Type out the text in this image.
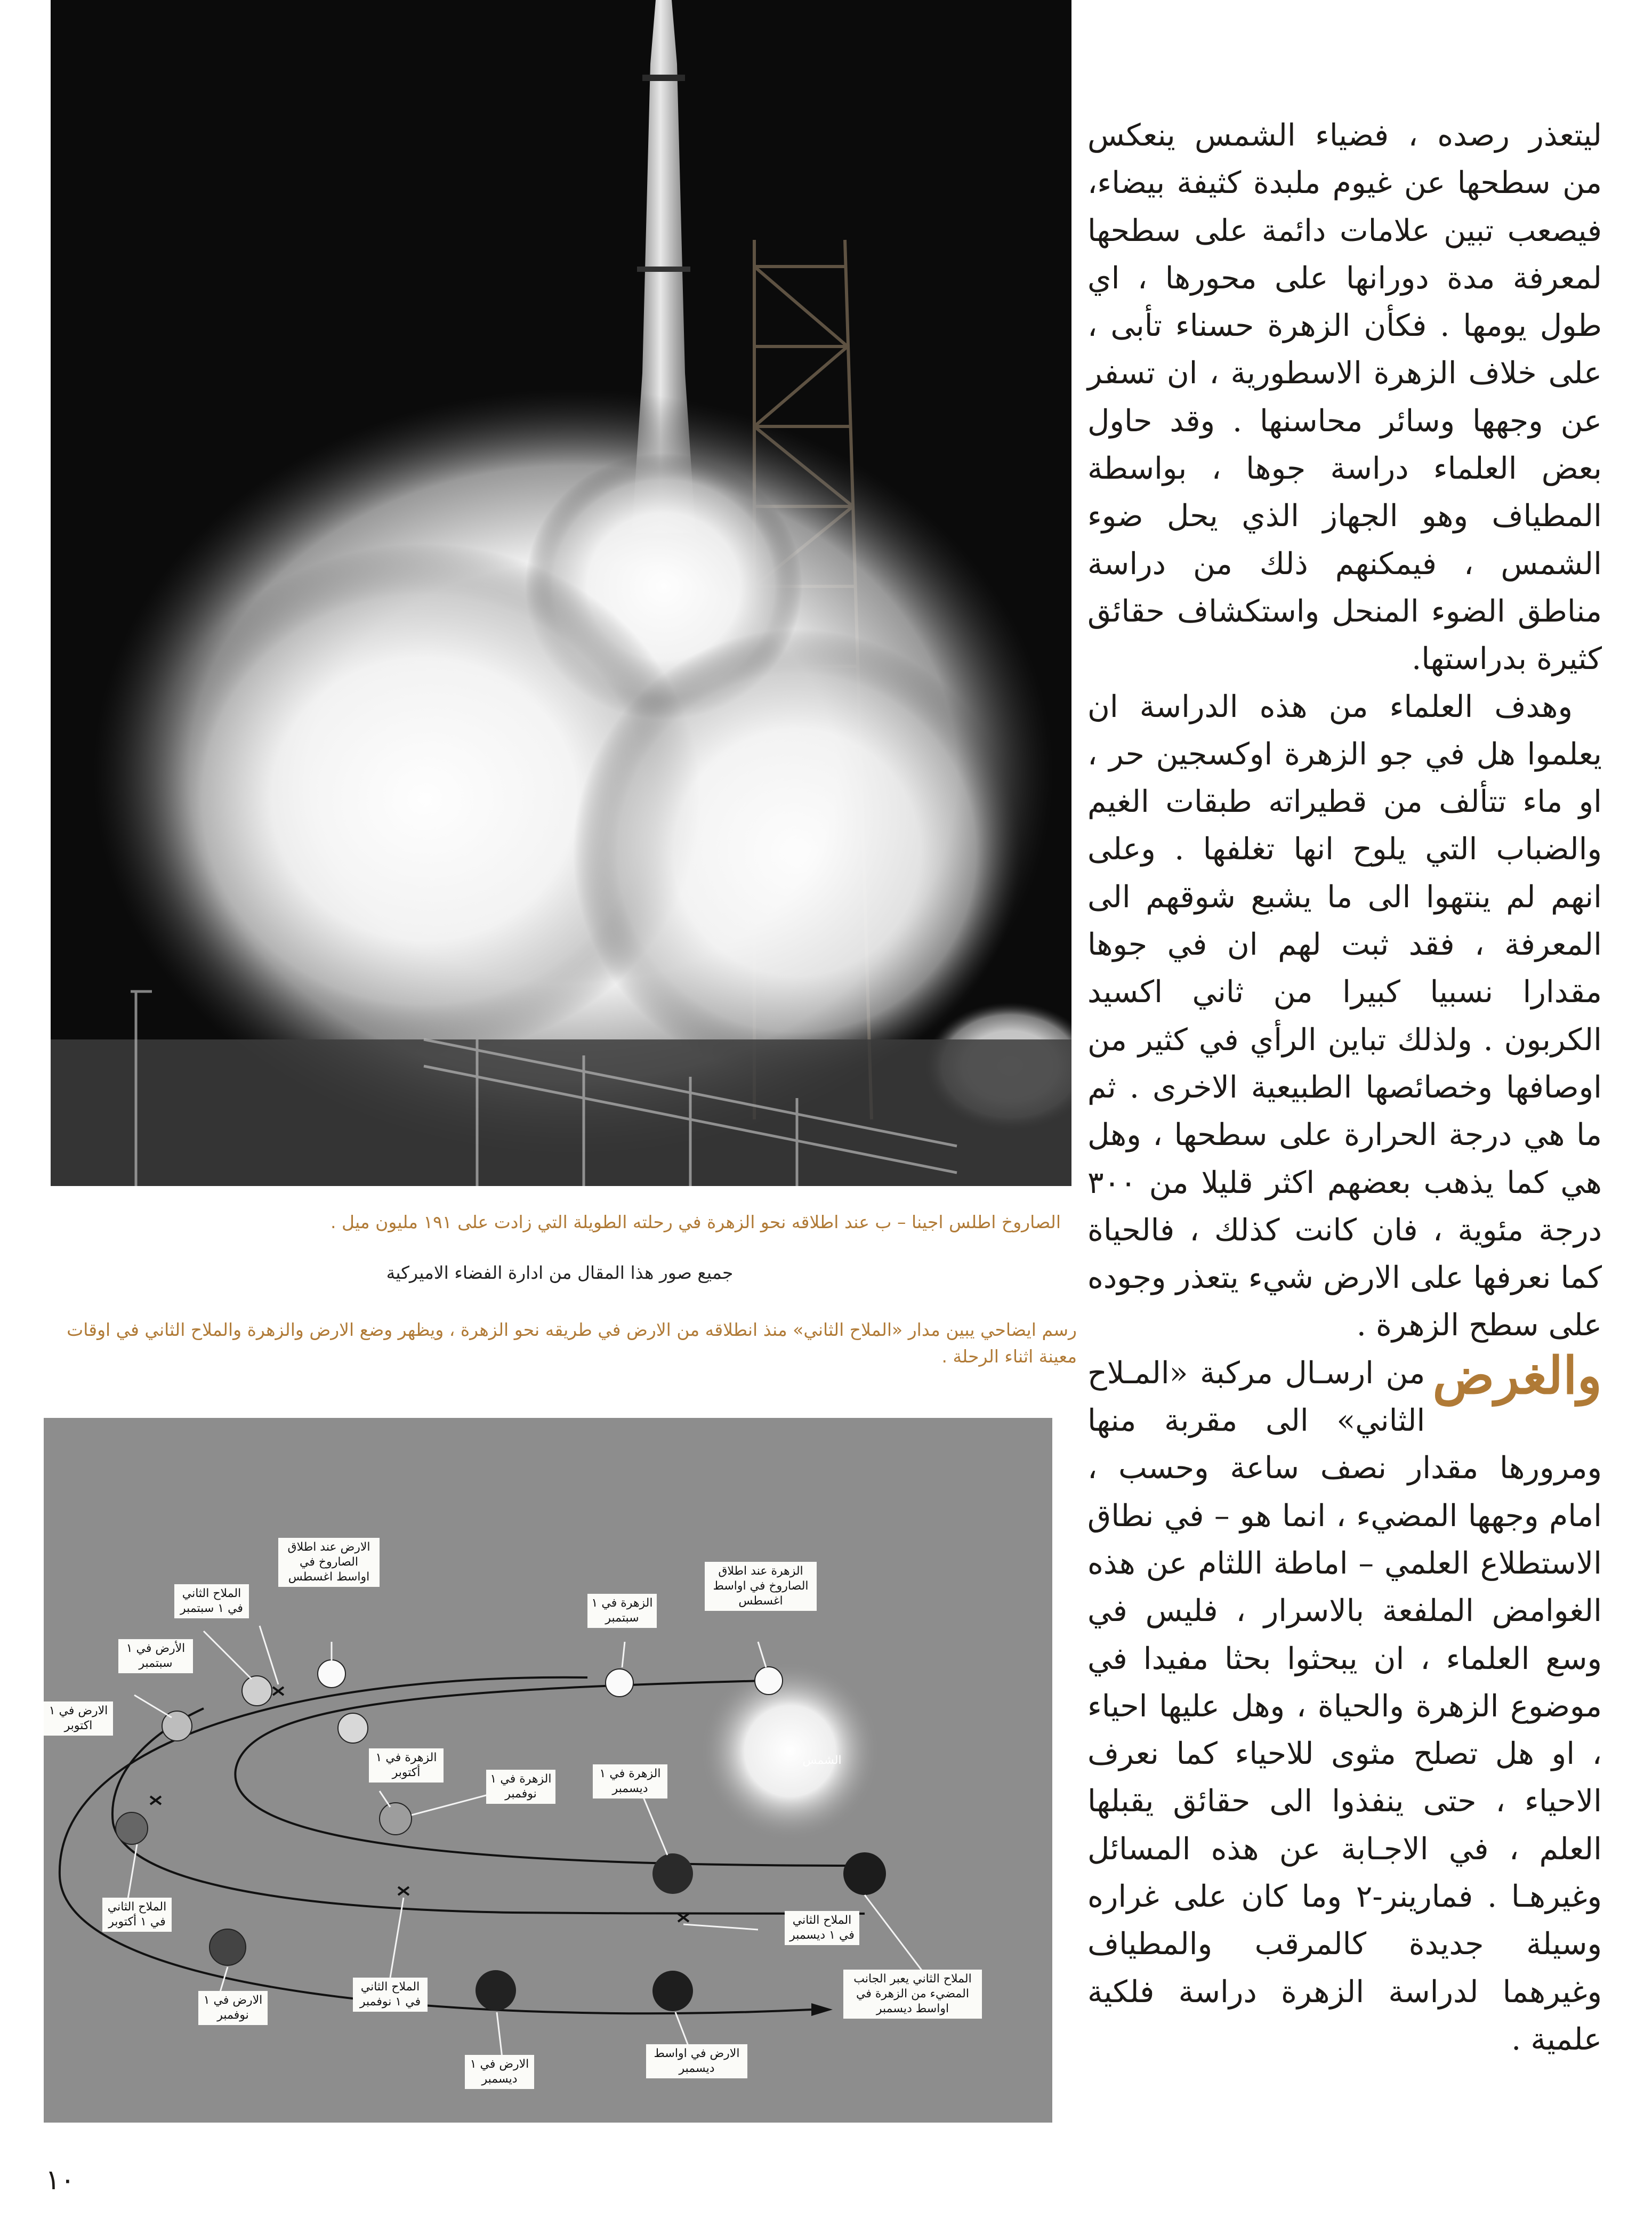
الصاروخ اطلس اجينا – ب عند اطلاقه نحو الزهرة في رحلته الطويلة التي زادت على ١٩١ مليون ميل .
جميع صور هذا المقال من ادارة الفضاء الاميركية
رسم ايضاحي يبين مدار «الملاح الثاني» منذ انطلاقه من الارض في طريقه نحو الزهرة ، ويظهر وضع الارض والزهرة والملاح الثاني في اوقات معينة اثناء الرحلة .
الارض عند اطلاق الصاروخ في اواسط اغسطس
الملاح الثاني في ١ سبتمبر
الأرض في ١ سبتمبر
الارض في ١ اكتوبر
الزهرة عند اطلاق الصاروخ في اواسط اغسطس
الزهرة في ١ سبتمبر
الزهرة في ١ أكتوبر
الشمس
الزهرة في ١ نوفمبر
الزهرة في ١ ديسمبر
الملاح الثاني في ١ أكتوبر	الملاح الثاني في ١ ديسمبر
الارض في ١ نوفمبر
الملاح الثاني في ١ نوفمبر
الملاح الثاني يعبر الجانب المضيء من الزهرة في اواسط ديسمبر
الارض في ١ ديسمبر
الارض في اواسط ديسمبر

ليتعذر رصده ، فضياء الشمس ينعكس من سطحها عن غيوم ملبدة كثيفة بيضاء، فيصعب تبين علامات دائمة على سطحها لمعرفة مدة دورانها على محورها ، اي طول يومها . فكأن الزهرة حسناء تأبى ، على خلاف الزهرة الاسطورية ، ان تسفر عن وجهها وسائر محاسنها . وقد حاول بعض العلماء دراسة جوها ، بواسطة المطياف وهو الجهاز الذي يحل ضوء الشمس ، فيمكنهم ذلك من دراسة مناطق الضوء المنحل واستكشاف حقائق كثيرة بدراستها.

وهدف العلماء من هذه الدراسة ان يعلموا هل في جو الزهرة اوكسجين حر ، او ماء تتألف من قطيراته طبقات الغيم والضباب التي يلوح انها تغلفها . وعلى انهم لم ينتهوا الى ما يشبع شوقهم الى المعرفة ، فقد ثبت لهم ان في جوها مقدارا نسبيا كبيرا من ثاني اكسيد الكربون . ولذلك تباين الرأي في كثير من اوصافها وخصائصها الطبيعية الاخرى . ثم ما هي درجة الحرارة على سطحها ، وهل هي كما يذهب بعضهم اكثر قليلا من ٣٠٠ درجة مئوية ، فان كانت كذلك ، فالحياة كما نعرفها على الارض شيء يتعذر وجوده على سطح الزهرة .

والغرض
من ارسـال مركبة «المـلاح الثاني» الى مقربة منها ومرورها مقدار نصف ساعة وحسب ، امام وجهها المضيء ، انما هو – في نطاق الاستطلاع العلمي – اماطة اللثام عن هذه الغوامض الملفعة بالاسرار ، فليس في وسع العلماء ، ان يبحثوا بحثا مفيدا في موضوع الزهرة والحياة ، وهل عليها احياء ، او هل تصلح مثوى للاحياء كما نعرف الاحياء ، حتى ينفذوا الى حقائق يقبلها العلم ، في الاجـابة عن هذه المسائل وغيرهـا . فمارينر-٢ وما كان على غراره وسيلة جديدة كالمرقب والمطياف وغيرهما لدراسة الزهرة دراسة فلكية علمية .

١٠
